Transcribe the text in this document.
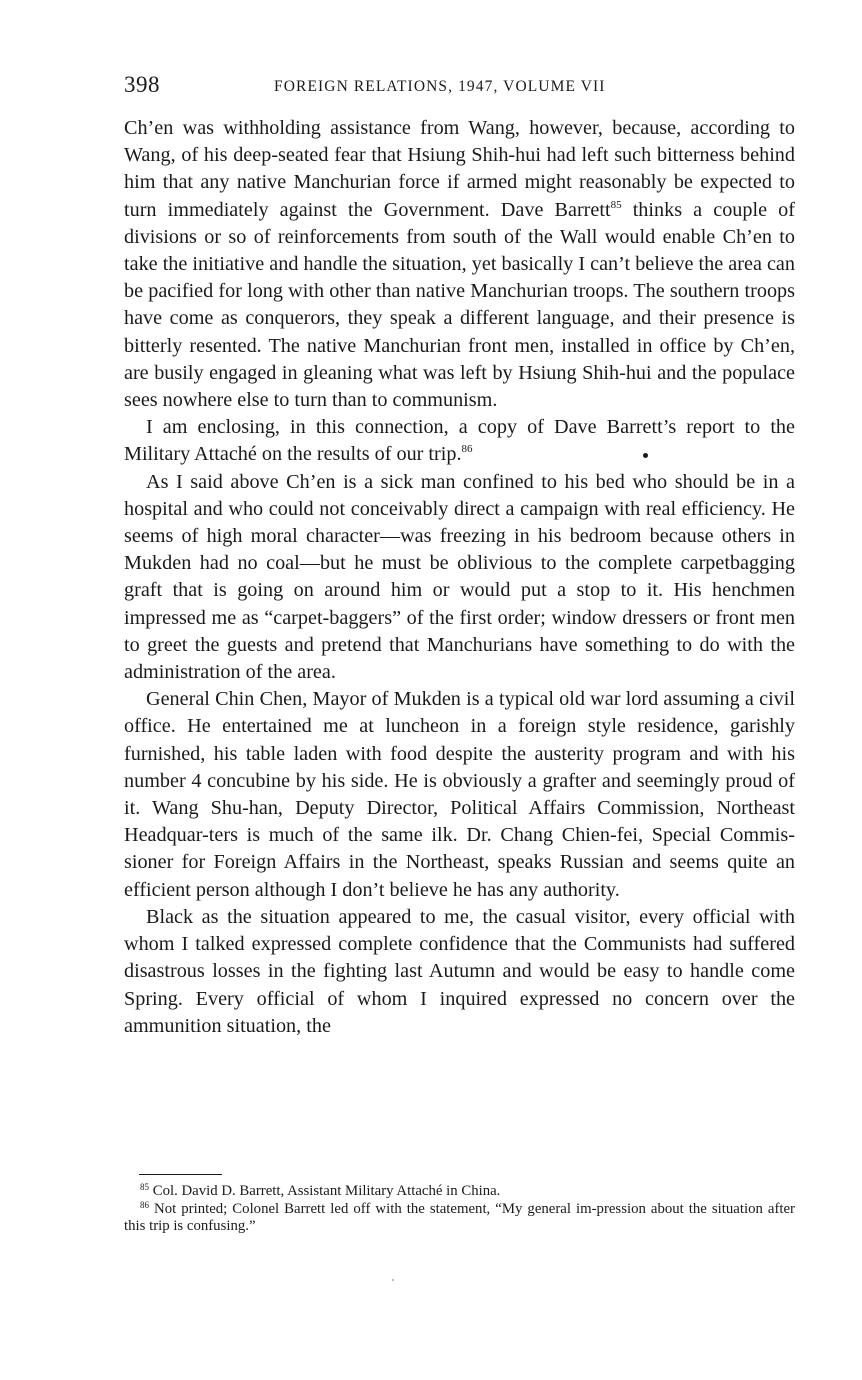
398	FOREIGN RELATIONS, 1947, VOLUME VII

Ch’en was withholding assistance from Wang, however, because, according to Wang, of his deep-seated fear that Hsiung Shih-hui had left such bitterness behind him that any native Manchurian force if armed might reasonably be expected to turn immediately against the Government. Dave Barrett$^{85}$ thinks a couple of divisions or so of reinforcements from south of the Wall would enable Ch’en to take the initiative and handle the situation, yet basically I can’t believe the area can be pacified for long with other than native Manchurian troops. The southern troops have come as conquerors, they speak a different language, and their presence is bitterly resented. The native Manchurian front men, installed in office by Ch’en, are busily engaged in gleaning what was left by Hsiung Shih-hui and the populace sees nowhere else to turn than to communism.

I am enclosing, in this connection, a copy of Dave Barrett’s report to the Military Attaché on the results of our trip.$^{86}$

As I said above Ch’en is a sick man confined to his bed who should be in a hospital and who could not conceivably direct a campaign with real efficiency. He seems of high moral character—was freezing in his bedroom because others in Mukden had no coal—but he must be oblivious to the complete carpetbagging graft that is going on around him or would put a stop to it. His henchmen impressed me as “carpet-baggers” of the first order; window dressers or front men to greet the guests and pretend that Manchurians have something to do with the administration of the area.

General Chin Chen, Mayor of Mukden is a typical old war lord assuming a civil office. He entertained me at luncheon in a foreign style residence, garishly furnished, his table laden with food despite the austerity program and with his number 4 concubine by his side. He is obviously a grafter and seemingly proud of it. Wang Shu-han, Deputy Director, Political Affairs Commission, Northeast Headquar-ters is much of the same ilk. Dr. Chang Chien-fei, Special Commis-sioner for Foreign Affairs in the Northeast, speaks Russian and seems quite an efficient person although I don’t believe he has any authority.

Black as the situation appeared to me, the casual visitor, every official with whom I talked expressed complete confidence that the Communists had suffered disastrous losses in the fighting last Autumn and would be easy to handle come Spring. Every official of whom I inquired expressed no concern over the ammunition situation, the

$^{85}$ Col. David D. Barrett, Assistant Military Attaché in China.

$^{86}$ Not printed; Colonel Barrett led off with the statement, “My general im-pression about the situation after this trip is confusing.”
